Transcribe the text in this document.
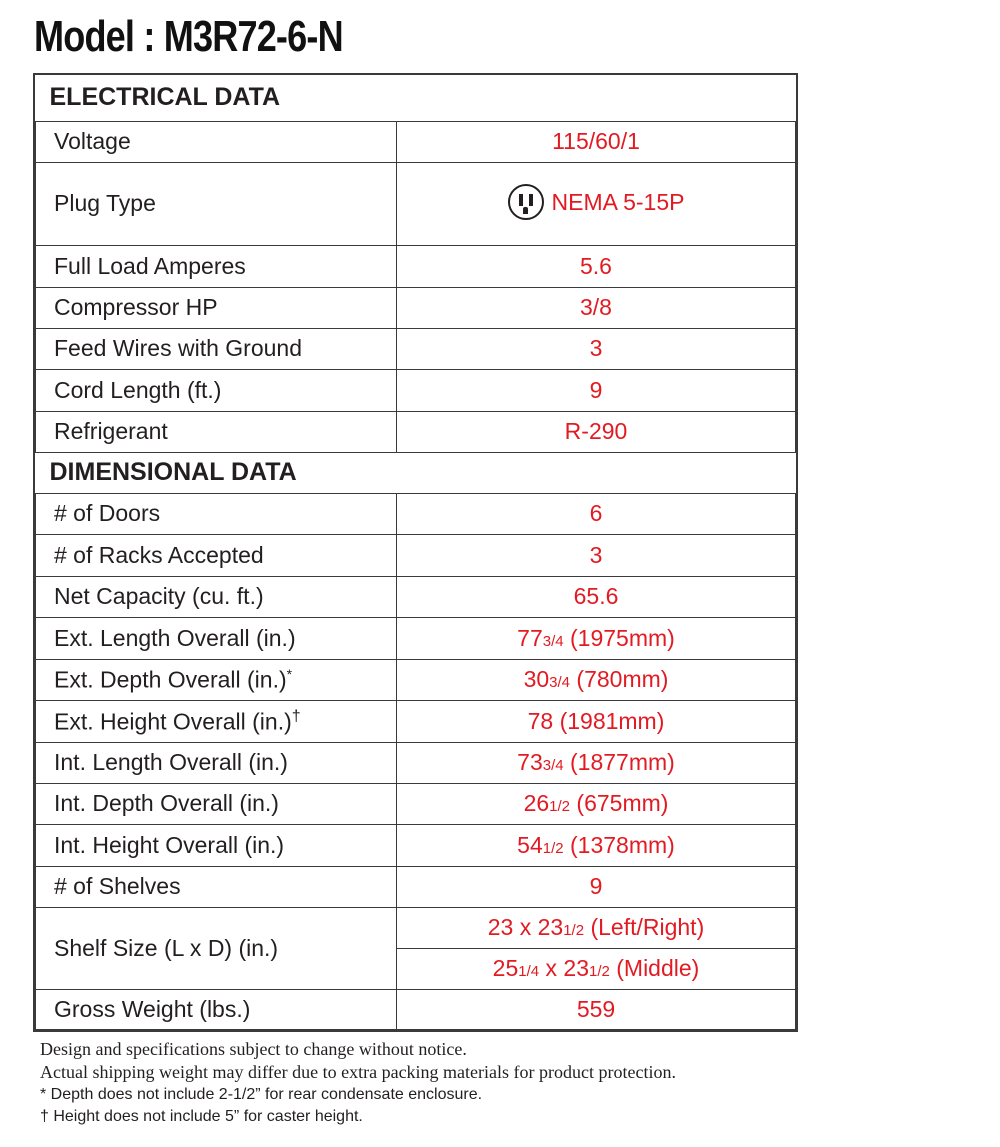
Model : M3R72-6-N
ELECTRICAL DATA	
Voltage	115/60/1
Plug Type	NEMA 5-15P
Full Load Amperes	5.6
Compressor HP	3/8
Feed Wires with Ground	3
Cord Length (ft.)	9
Refrigerant	R-290
DIMENSIONAL DATA	
# of Doors	6
# of Racks Accepted	3
Net Capacity (cu. ft.)	65.6
Ext. Length Overall (in.)	773/4 (1975mm)
Ext. Depth Overall (in.)*	303/4 (780mm)
Ext. Height Overall (in.)†	78 (1981mm)
Int. Length Overall (in.)	733/4 (1877mm)
Int. Depth Overall (in.)	261/2 (675mm)
Int. Height Overall (in.)	541/2 (1378mm)
# of Shelves	9
Shelf Size (L x D) (in.)	23 x 231/2 (Left/Right)
	251/4 x 231/2 (Middle)
Gross Weight (lbs.)	559
Design and specifications subject to change without notice.
Actual shipping weight may differ due to extra packing materials for product protection.
* Depth does not include 2-1/2” for rear condensate enclosure.
† Height does not include 5” for caster height.
